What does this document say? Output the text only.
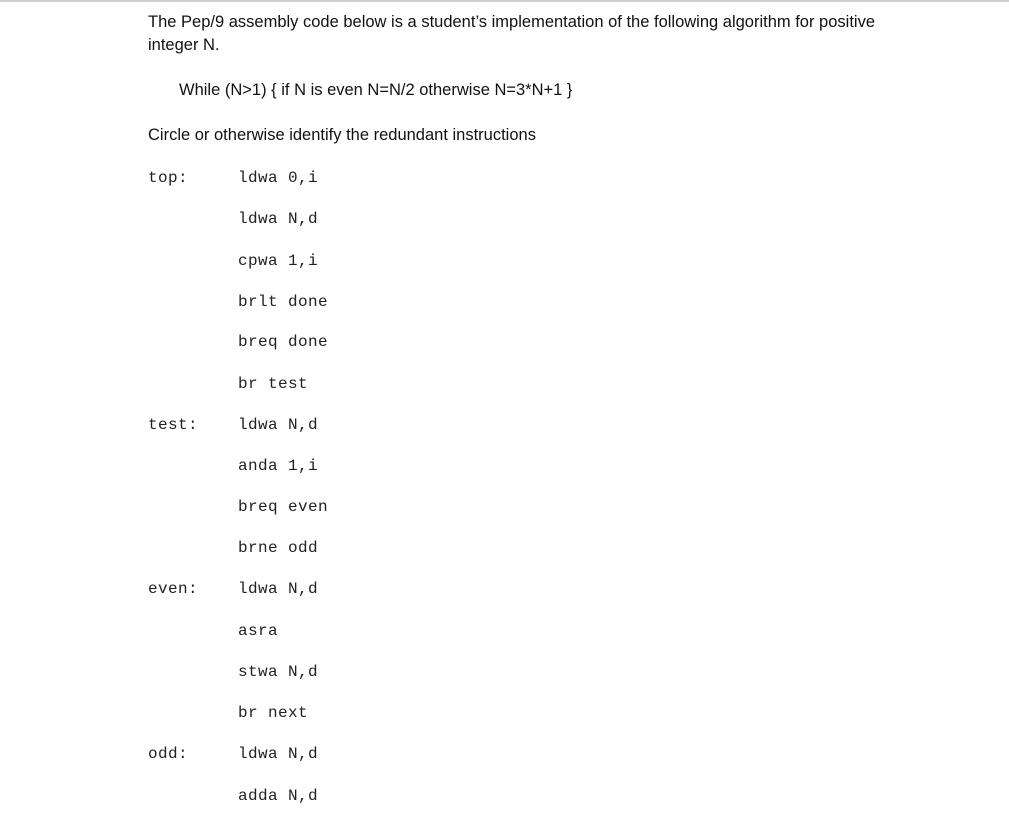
The Pep/9 assembly code below is a student’s implementation of the following algorithm for positive integer N.

While (N>1) { if N is even N=N/2 otherwise N=3*N+1 }

Circle or otherwise identify the redundant instructions

top:	ldwa 0,i
ldwa N,d
cpwa 1,i
brlt done
breq done
br test
test: ldwa N,d
anda 1,i
breq even
brne odd
even: ldwa N,d
asra
stwa N,d
br next
odd:	ldwa N,d
adda N,d
